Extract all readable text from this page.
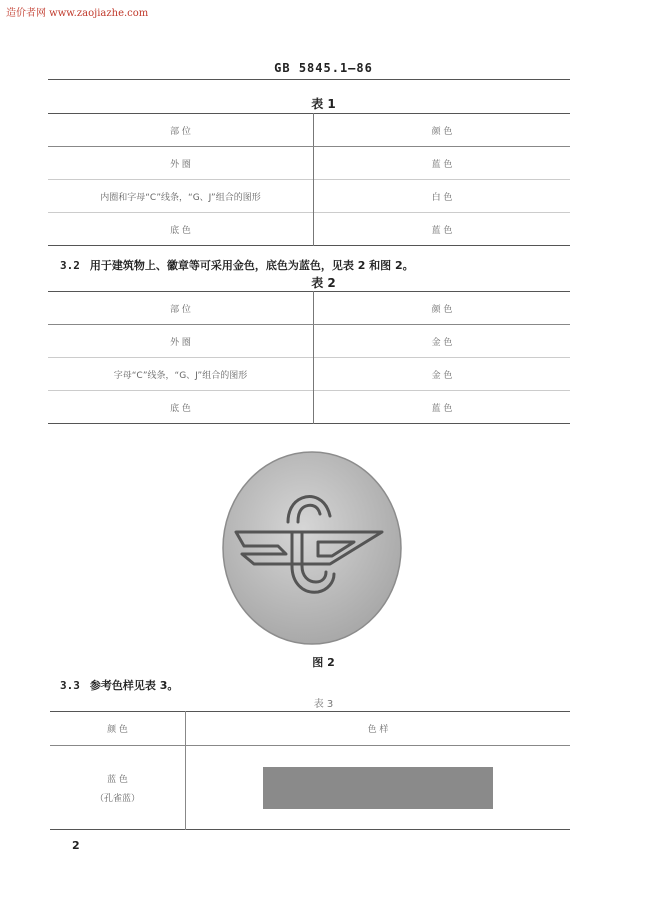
造价者网 www.zaojiazhe.com
GB 5845.1—86
表 1
部 位	颜 色
外 圈	蓝 色
内圈和字母“C”线条，“G、J”组合的图形	白 色
底 色	蓝 色
3.2 用于建筑物上、徽章等可采用金色，底色为蓝色，见表 2 和图 2。
表 2
部 位	颜 色
外 圈	金 色
字母“C”线条，“G、J”组合的图形	金 色
底 色	蓝 色
图 2
3.3 参考色样见表 3。
表 3
颜 色	色 样

蓝 色
（孔雀蓝）	

2
